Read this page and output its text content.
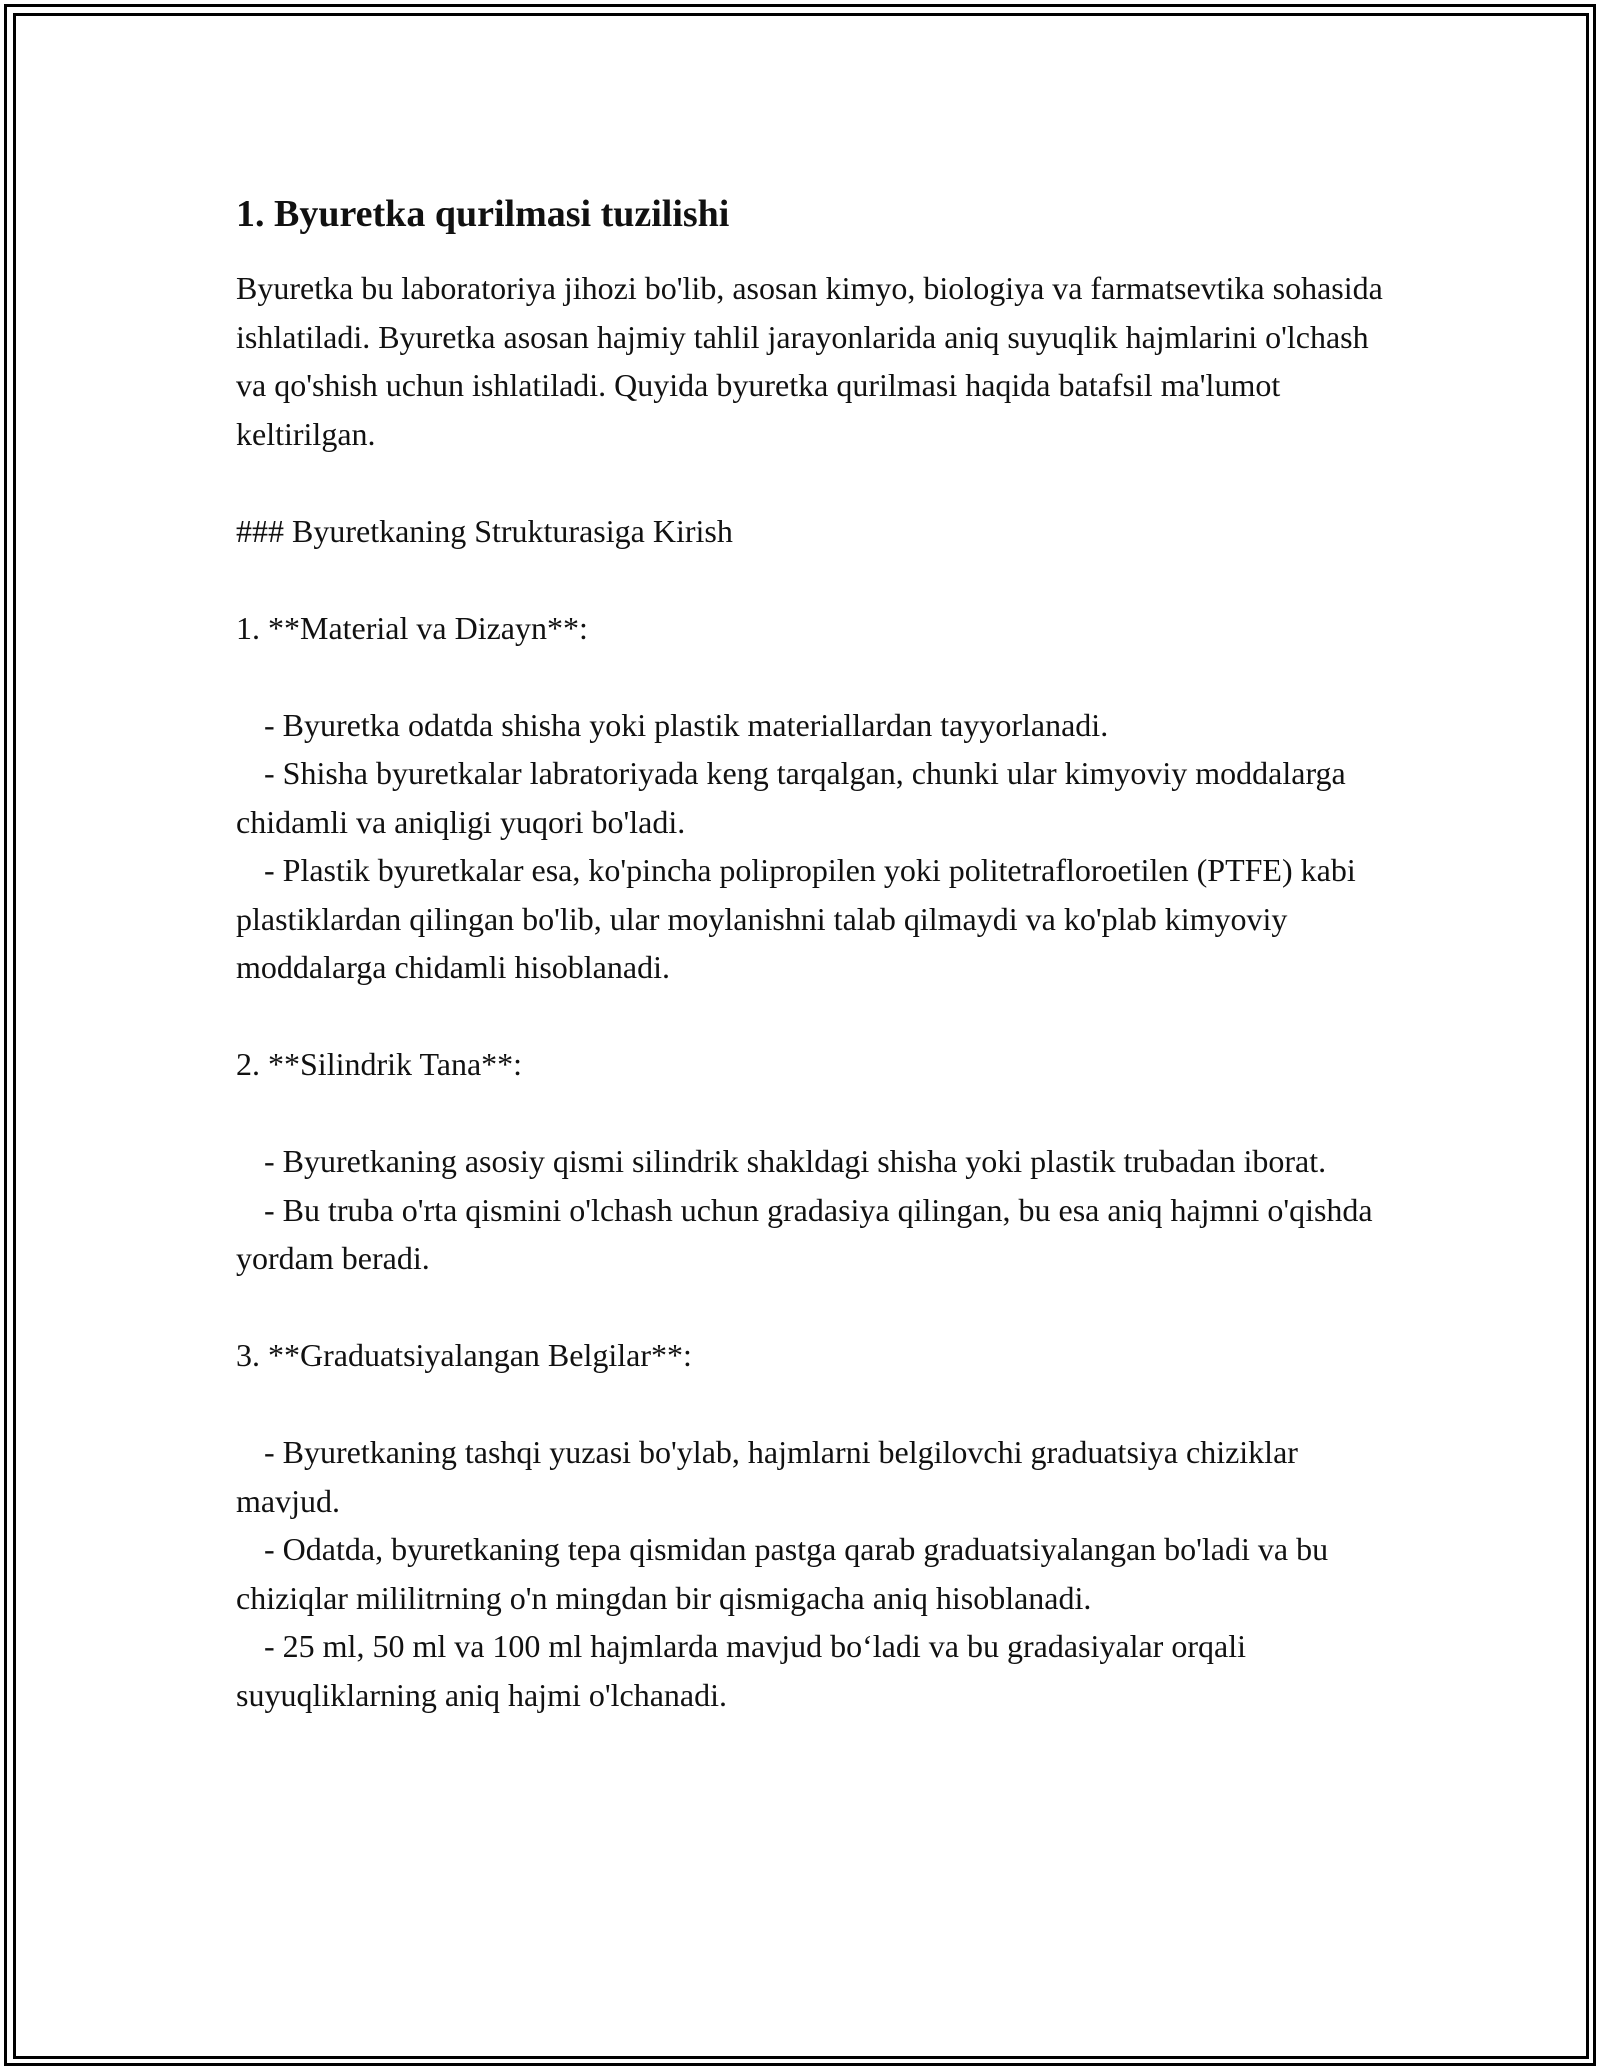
1. Byuretka qurilmasi tuzilishi

Byuretka bu laboratoriya jihozi bo'lib, asosan kimyo, biologiya va farmatsevtika sohasida ishlatiladi. Byuretka asosan hajmiy tahlil jarayonlarida aniq suyuqlik hajmlarini o'lchash va qo'shish uchun ishlatiladi. Quyida byuretka qurilmasi haqida batafsil ma'lumot keltirilgan.

### Byuretkaning Strukturasiga Kirish

1. **Material va Dizayn**:

- Byuretka odatda shisha yoki plastik materiallardan tayyorlanadi.

- Shisha byuretkalar labratoriyada keng tarqalgan, chunki ular kimyoviy moddalarga chidamli va aniqligi yuqori bo'ladi.

- Plastik byuretkalar esa, ko'pincha polipropilen yoki politetrafloroetilen (PTFE) kabi plastiklardan qilingan bo'lib, ular moylanishni talab qilmaydi va ko'plab kimyoviy moddalarga chidamli hisoblanadi.

2. **Silindrik Tana**:

- Byuretkaning asosiy qismi silindrik shakldagi shisha yoki plastik trubadan iborat.

- Bu truba o'rta qismini o'lchash uchun gradasiya qilingan, bu esa aniq hajmni o'qishda yordam beradi.

3. **Graduatsiyalangan Belgilar**:

- Byuretkaning tashqi yuzasi bo'ylab, hajmlarni belgilovchi graduatsiya chiziklar mavjud.

- Odatda, byuretkaning tepa qismidan pastga qarab graduatsiyalangan bo'ladi va bu chiziqlar mililitrning o'n mingdan bir qismigacha aniq hisoblanadi.

- 25 ml, 50 ml va 100 ml hajmlarda mavjud bo‘ladi va bu gradasiyalar orqali suyuqliklarning aniq hajmi o'lchanadi.
